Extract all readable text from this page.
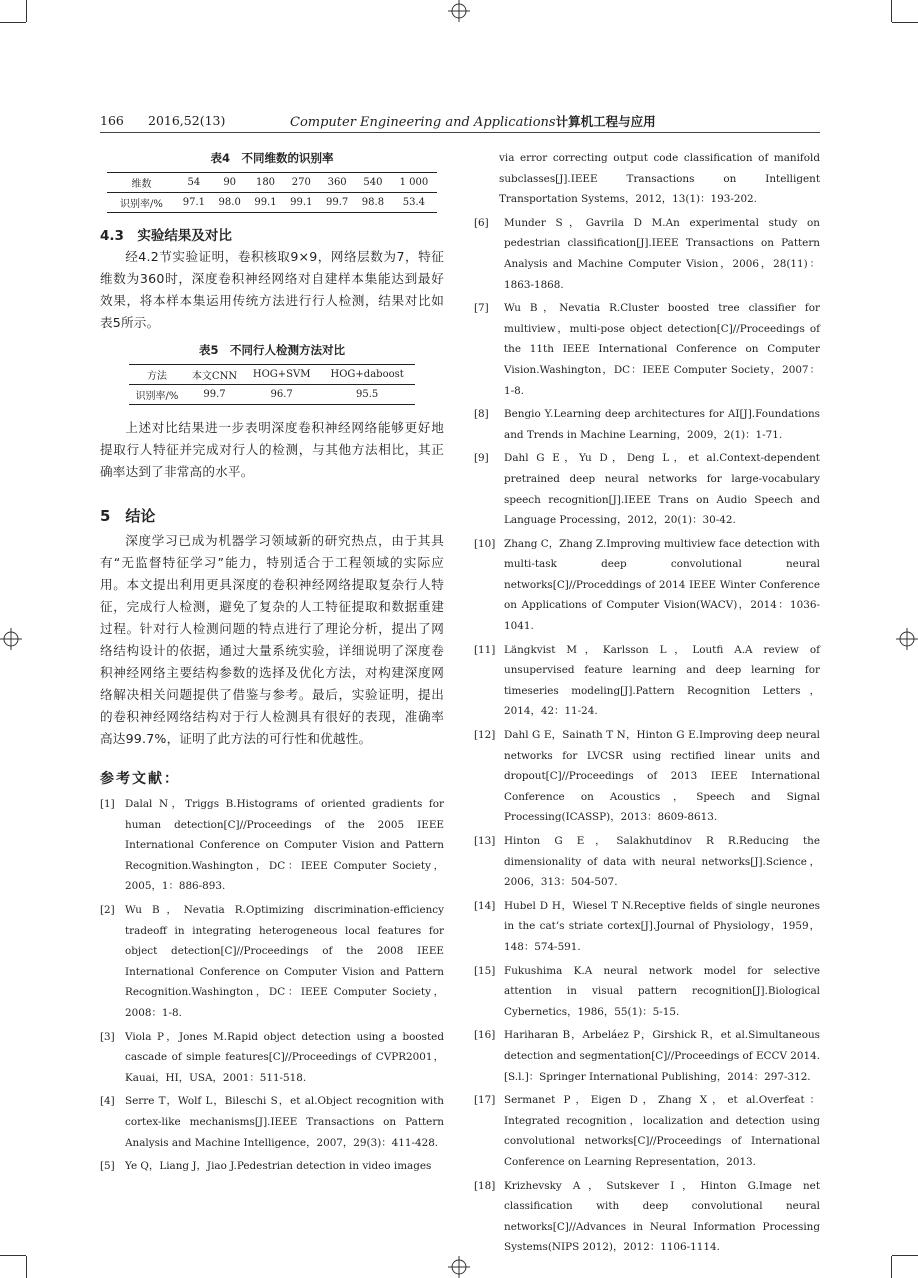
166 2016,52(13)	Computer Engineering and Applications计算机工程与应用
表4　不同维数的识别率
维数	54	90	180	270	360	540	1 000
识别率/%	97.1	98.0	99.1	99.1	99.7	98.8	53.4
4.3　实验结果及对比

经4.2节实验证明，卷积核取9×9，网络层数为7，特征维数为360时，深度卷积神经网络对自建样本集能达到最好效果，将本样本集运用传统方法进行行人检测，结果对比如表5所示。

表5　不同行人检测方法对比
方法	本文CNN	HOG+SVM	HOG+daboost
识别率/%	99.7	96.7	95.5

上述对比结果进一步表明深度卷积神经网络能够更好地提取行人特征并完成对行人的检测，与其他方法相比，其正确率达到了非常高的水平。

5　结论

深度学习已成为机器学习领域新的研究热点，由于其具有“无监督特征学习”能力，特别适合于工程领域的实际应用。本文提出利用更具深度的卷积神经网络提取复杂行人特征，完成行人检测，避免了复杂的人工特征提取和数据重建过程。针对行人检测问题的特点进行了理论分析，提出了网络结构设计的依据，通过大量系统实验，详细说明了深度卷积神经网络主要结构参数的选择及优化方法，对构建深度网络解决相关问题提供了借鉴与参考。最后，实验证明，提出的卷积神经网络结构对于行人检测具有很好的表现，准确率高达99.7%，证明了此方法的可行性和优越性。

参考文献：
[1] Dalal N，Triggs B.Histograms of oriented gradients for human detection[C]//Proceedings of the 2005 IEEE International Conference on Computer Vision and Pattern Recognition.Washington，DC：IEEE Computer Society，2005，1：886-893.
[2] Wu B，Nevatia R.Optimizing discrimination-efficiency tradeoff in integrating heterogeneous local features for object detection[C]//Proceedings of the 2008 IEEE International Conference on Computer Vision and Pattern Recognition.Washington，DC：IEEE Computer Society，2008：1-8.
[3] Viola P，Jones M.Rapid object detection using a boosted cascade of simple features[C]//Proceedings of CVPR2001，Kauai，HI，USA，2001：511-518.
[4] Serre T，Wolf L，Bileschi S，et al.Object recognition with cortex-like mechanisms[J].IEEE Transactions on Pattern Analysis and Machine Intelligence，2007，29(3)：411-428.
[5] Ye Q，Liang J，Jiao J.Pedestrian detection in video images
via error correcting output code classification of manifold subclasses[J].IEEE Transactions on Intelligent Transportation Systems，2012，13(1)：193-202.
[6] Munder S，Gavrila D M.An experimental study on pedestrian classification[J].IEEE Transactions on Pattern Analysis and Machine Computer Vision，2006，28(11)：1863-1868.
[7] Wu B，Nevatia R.Cluster boosted tree classifier for multiview，multi-pose object detection[C]//Proceedings of the 11th IEEE International Conference on Computer Vision.Washington，DC：IEEE Computer Society，2007：1-8.
[8] Bengio Y.Learning deep architectures for AI[J].Foundations and Trends in Machine Learning，2009，2(1)：1-71.
[9] Dahl G E，Yu D，Deng L，et al.Context-dependent pretrained deep neural networks for large-vocabulary speech recognition[J].IEEE Trans on Audio Speech and Language Processing，2012，20(1)：30-42.
[10] Zhang C，Zhang Z.Improving multiview face detection with multi-task deep convolutional neural networks[C]//Proceddings of 2014 IEEE Winter Conference on Applications of Computer Vision(WACV)，2014：1036-1041.
[11] Längkvist M，Karlsson L，Loutfi A.A review of unsupervised feature learning and deep learning for timeseries modeling[J].Pattern Recognition Letters，2014，42：11-24.
[12] Dahl G E，Sainath T N，Hinton G E.Improving deep neural networks for LVCSR using rectified linear units and dropout[C]//Proceedings of 2013 IEEE International Conference on Acoustics，Speech and Signal Processing(ICASSP)，2013：8609-8613.
[13] Hinton G E，Salakhutdinov R R.Reducing the dimensionality of data with neural networks[J].Science，2006，313：504-507.
[14] Hubel D H，Wiesel T N.Receptive fields of single neurones in the cat’s striate cortex[J].Journal of Physiology，1959，148：574-591.
[15] Fukushima K.A neural network model for selective attention in visual pattern recognition[J].Biological Cybernetics，1986，55(1)：5-15.
[16] Hariharan B，Arbeláez P，Girshick R，et al.Simultaneous detection and segmentation[C]//Proceedings of ECCV 2014.[S.l.]：Springer International Publishing，2014：297-312.
[17] Sermanet P，Eigen D，Zhang X，et al.Overfeat：Integrated recognition，localization and detection using convolutional networks[C]//Proceedings of International Conference on Learning Representation，2013.
[18] Krizhevsky A，Sutskever I，Hinton G.Image net classification with deep convolutional neural networks[C]//Advances in Neural Information Processing Systems(NIPS 2012)，2012：1106-1114.
